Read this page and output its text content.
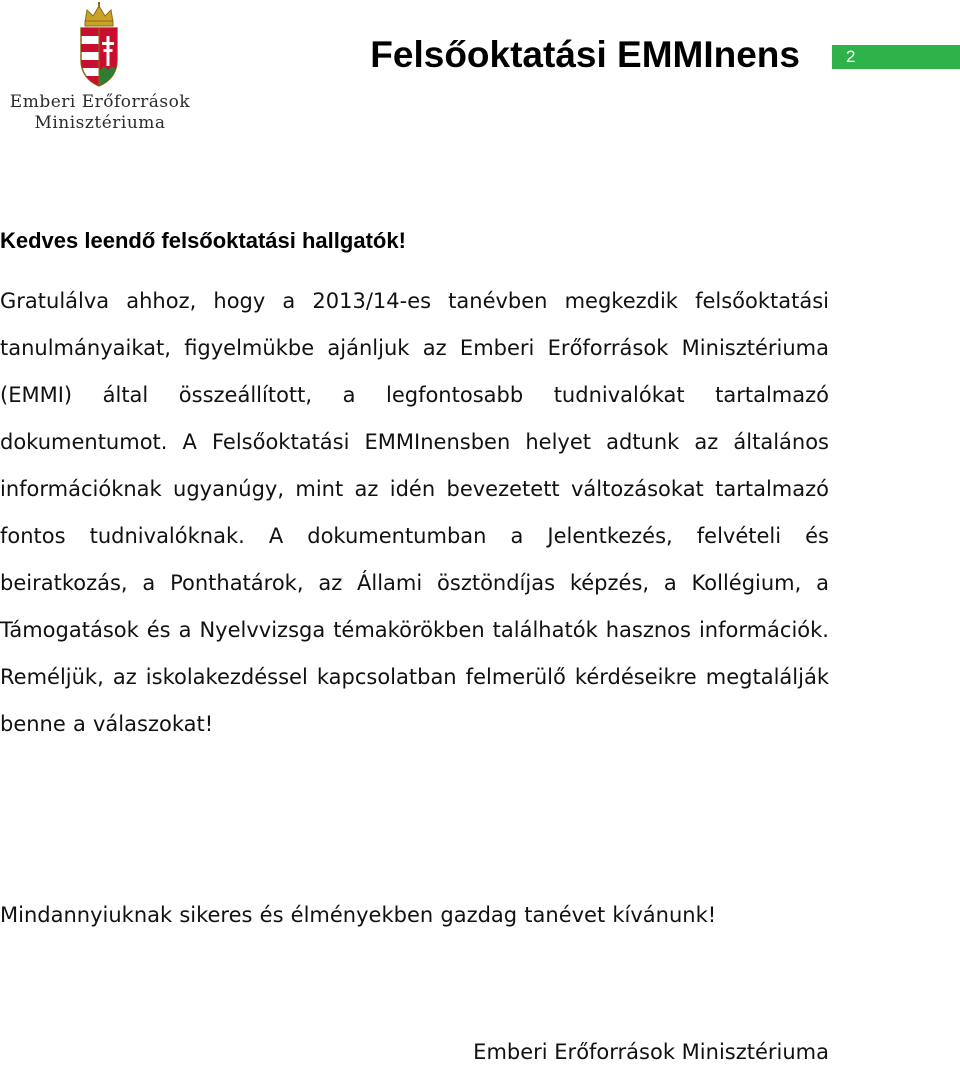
Emberi Erőforrások
Minisztériuma
Felsőoktatási EMMInens	2
Kedves leendő felsőoktatási hallgatók!

Gratulálva ahhoz, hogy a 2013/14-es tanévben megkezdik felsőoktatási tanulmányaikat, figyelmükbe ajánljuk az Emberi Erőforrások Minisztériuma (EMMI) által összeállított, a legfontosabb tudnivalókat tartalmazó dokumentumot. A Felsőoktatási EMMInensben helyet adtunk az általános információknak ugyanúgy, mint az idén bevezetett változásokat tartalmazó fontos tudnivalóknak. A dokumentumban a Jelentkezés, felvételi és beiratkozás, a Ponthatárok, az Állami ösztöndíjas képzés, a Kollégium, a Támogatások és a Nyelvvizsga témakörökben találhatók hasznos információk. Reméljük, az iskolakezdéssel kapcsolatban felmerülő kérdéseikre megtalálják benne a válaszokat!

Mindannyiuknak sikeres és élményekben gazdag tanévet kívánunk!

Emberi Erőforrások Minisztériuma
